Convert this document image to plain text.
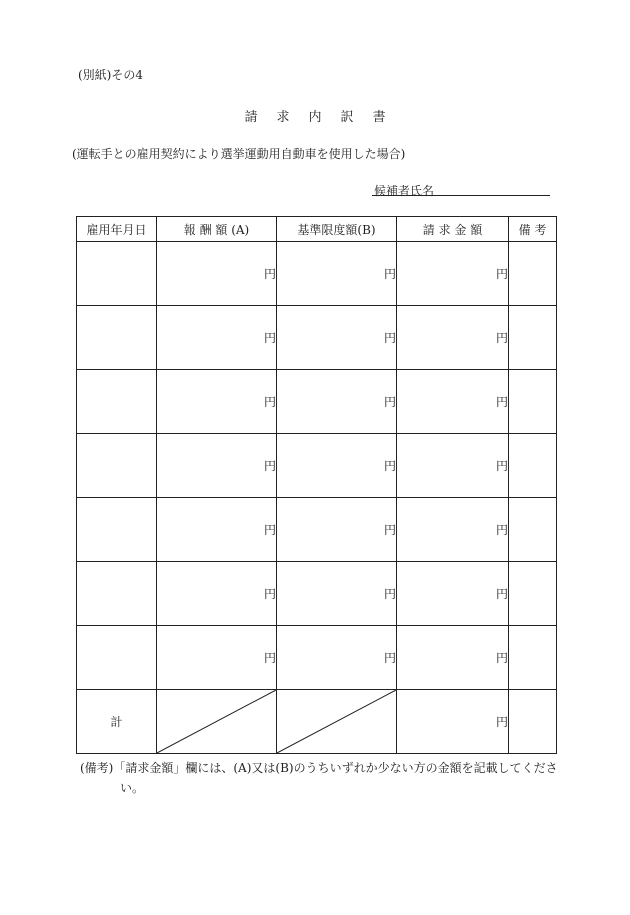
(別紙)その4
請求内訳書
(運転手との雇用契約により選挙運動用自動車を使用した場合)
候補者氏名
雇用年月日	報 酬 額 (A)	基準限度額(B)	請 求 金 額	備 考
	円	円	円	
	円	円	円	
	円	円	円	
	円	円	円	
	円	円	円	
	円	円	円	
	円	円	円	
計			円	
(備考)「請求金額」欄には、(A)又は(B)のうちいずれか少ない方の金額を記載してくださ
い。
